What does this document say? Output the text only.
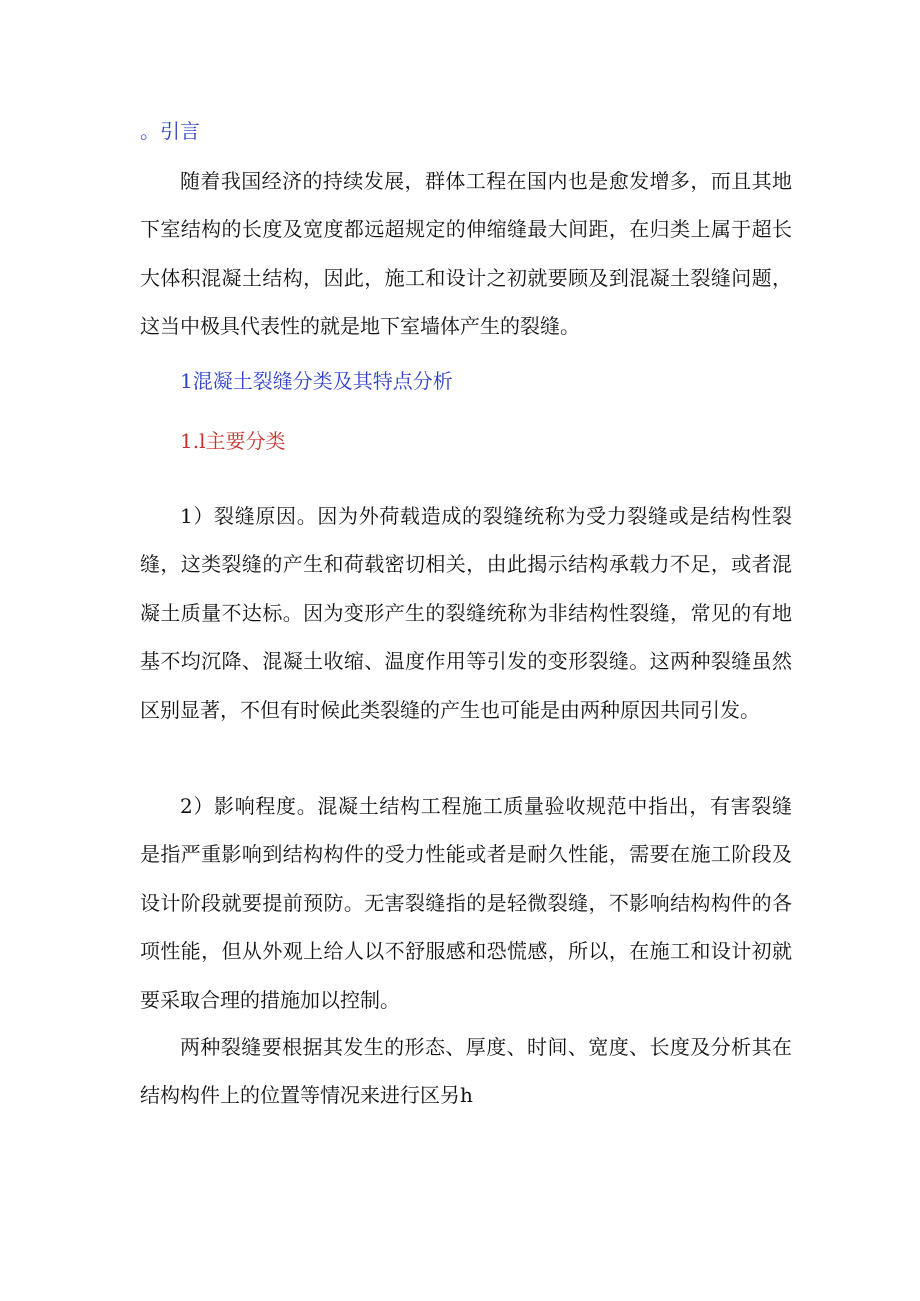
。引言

随着我国经济的持续发展，群体工程在国内也是愈发增多，而且其地下室结构的长度及宽度都远超规定的伸缩缝最大间距，在归类上属于超长大体积混凝土结构，因此，施工和设计之初就要顾及到混凝土裂缝问题，这当中极具代表性的就是地下室墙体产生的裂缝。

1混凝土裂缝分类及其特点分析
1.l主要分类

1）裂缝原因。因为外荷载造成的裂缝统称为受力裂缝或是结构性裂缝，这类裂缝的产生和荷载密切相关，由此揭示结构承载力不足，或者混凝土质量不达标。因为变形产生的裂缝统称为非结构性裂缝，常见的有地基不均沉降、混凝土收缩、温度作用等引发的变形裂缝。这两种裂缝虽然区别显著，不但有时候此类裂缝的产生也可能是由两种原因共同引发。

2）影响程度。混凝土结构工程施工质量验收规范中指出，有害裂缝是指严重影响到结构构件的受力性能或者是耐久性能，需要在施工阶段及设计阶段就要提前预防。无害裂缝指的是轻微裂缝，不影响结构构件的各项性能，但从外观上给人以不舒服感和恐慌感，所以，在施工和设计初就要采取合理的措施加以控制。

两种裂缝要根据其发生的形态、厚度、时间、宽度、长度及分析其在结构构件上的位置等情况来进行区另h
